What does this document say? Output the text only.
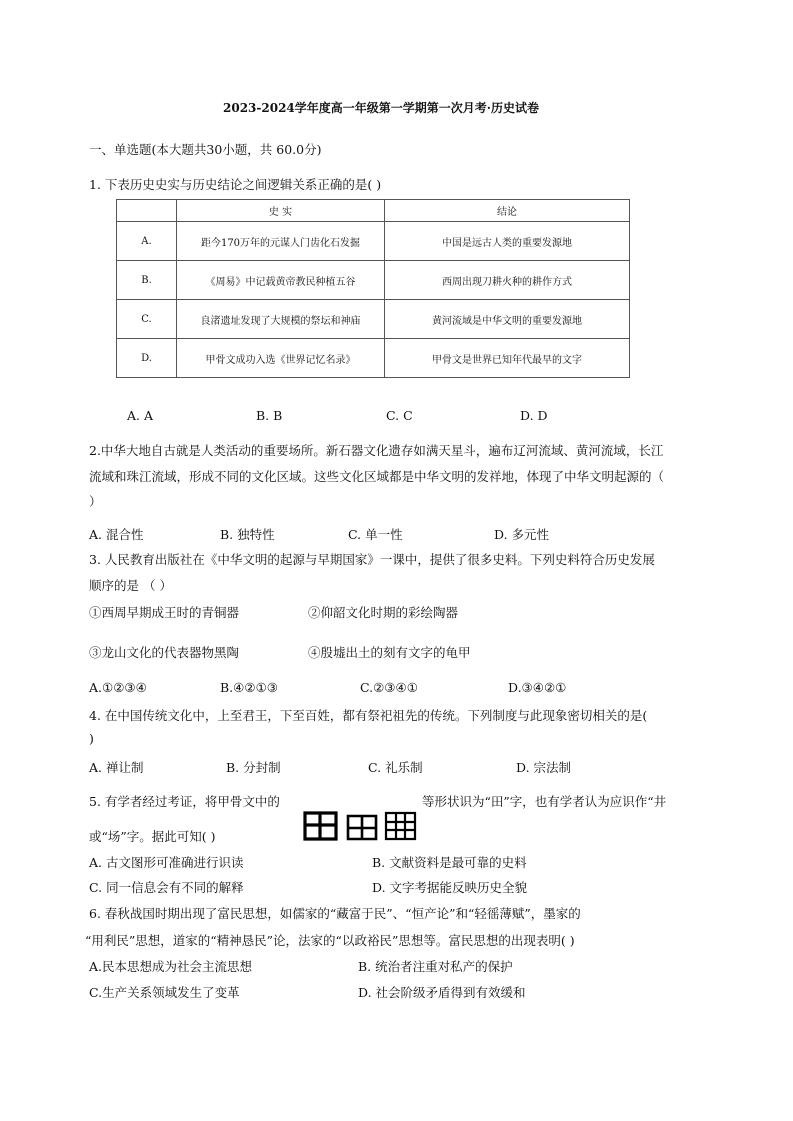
2023-2024学年度高一年级第一学期第一次月考·历史试卷
一、单选题(本大题共30小题，共 60.0分)
1. 下表历史史实与历史结论之间逻辑关系正确的是( )
	史 实	结论
A.	距今170万年的元谋人门齿化石发掘	中国是远古人类的重要发源地
B.	《周易》中记载黄帝教民种植五谷	西周出现刀耕火种的耕作方式
C.	良渚遗址发现了大规模的祭坛和神庙	黄河流域是中华文明的重要发源地
D.	甲骨文成功入选《世界记忆名录》	甲骨文是世界已知年代最早的文字
A. A	B. B	C. C	D. D
2.中华大地自古就是人类活动的重要场所。新石器文化遗存如满天星斗，遍布辽河流域、黄河流域，长江
流域和珠江流域，形成不同的文化区域。这些文化区域都是中华文明的发祥地，体现了中华文明起源的（
）
A. 混合性	B. 独特性	C. 单一性	D. 多元性
3. 人民教育出版社在《中华文明的起源与早期国家》一课中，提供了很多史料。下列史料符合历史发展
顺序的是 （ ）
①西周早期成王时的青铜器	②仰韶文化时期的彩绘陶器
③龙山文化的代表器物黑陶	④殷墟出土的刻有文字的龟甲
A.①②③④	B.④②①③	C.②③④①	D.③④②①
4. 在中国传统文化中，上至君王，下至百姓，都有祭祀祖先的传统。下列制度与此现象密切相关的是(
)
A. 禅让制	B. 分封制	C. 礼乐制	D. 宗法制
5. 有学者经过考证，将甲骨文中的	等形状识为“田”字，也有学者认为应识作“井
或“场”字。据此可知( )
A. 古文图形可准确进行识读	B. 文献资料是最可靠的史料
C. 同一信息会有不同的解释	D. 文字考据能反映历史全貌
6. 春秋战国时期出现了富民思想，如儒家的“藏富于民”、“恒产论”和“轻徭薄赋”，墨家的
“用利民”思想，道家的“精神恳民”论，法家的“以政裕民”思想等。富民思想的出现表明( )
A.民本思想成为社会主流思想	B. 统治者注重对私产的保护
C.生产关系领域发生了变革	D. 社会阶级矛盾得到有效缓和
